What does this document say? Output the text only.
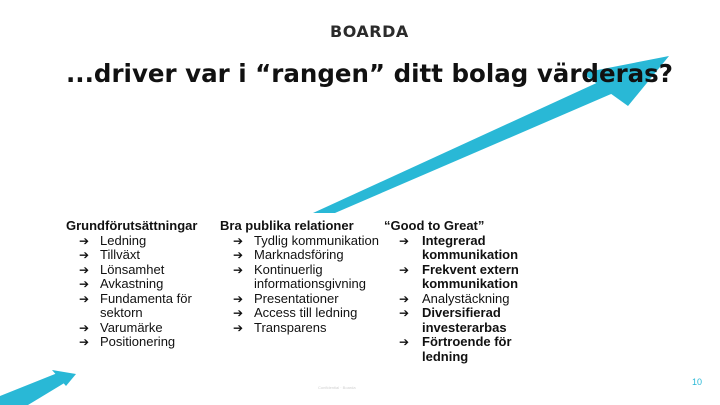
BOARDA
...driver var i “rangen” ditt bolag värderas?
Grundförutsättningar
➔ Ledning
➔ Tillväxt
➔ Lönsamhet
➔ Avkastning
➔ Fundamenta för sektorn
➔ Varumärke
➔ Positionering
Bra publika relationer
➔ Tydlig kommunikation
➔ Marknadsföring
➔ Kontinuerlig informationsgivning
➔ Presentationer
➔ Access till ledning
➔ Transparens
“Good to Great”
➔ Integrerad kommunikation
➔ Frekvent extern kommunikation
➔ Analystäckning
➔ Diversifierad investerarbas
➔ Förtroende för ledning
Confidential · Boarda
10
